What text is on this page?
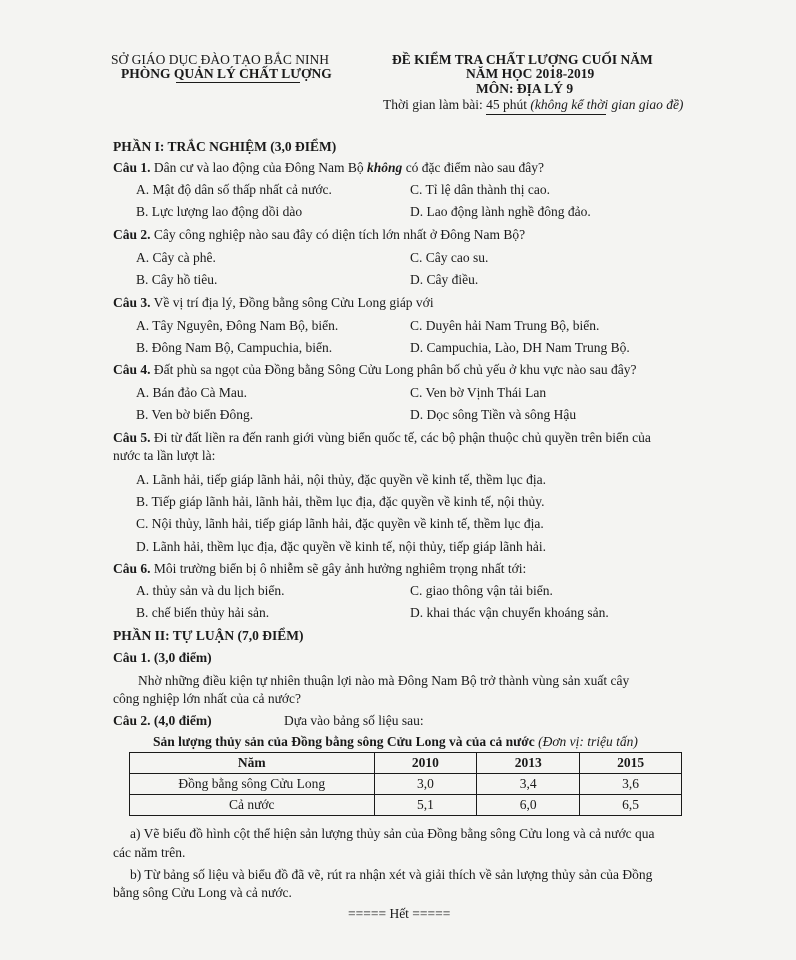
SỞ GIÁO DỤC ĐÀO TẠO BẮC NINH
PHÒNG QUẢN LÝ CHẤT LƯỢNG
ĐỀ KIỂM TRA CHẤT LƯỢNG CUỐI NĂM
NĂM HỌC 2018-2019
MÔN: ĐỊA LÝ 9
Thời gian làm bài: 45 phút (không kể thời gian giao đề)
PHẦN I: TRẮC NGHIỆM (3,0 ĐIỂM)
Câu 1. Dân cư và lao động của Đông Nam Bộ không có đặc điểm nào sau đây?
A. Mật độ dân số thấp nhất cả nước.	C. Tỉ lệ dân thành thị cao.
B. Lực lượng lao động dồi dào	D. Lao động lành nghề đông đảo.
Câu 2. Cây công nghiệp nào sau đây có diện tích lớn nhất ở Đông Nam Bộ?
A. Cây cà phê.	C. Cây cao su.
B. Cây hồ tiêu.	D. Cây điều.
Câu 3. Về vị trí địa lý, Đồng bằng sông Cửu Long giáp với
A. Tây Nguyên, Đông Nam Bộ, biển.	C. Duyên hải Nam Trung Bộ, biển.
B. Đông Nam Bộ, Campuchia, biển.	D. Campuchia, Lào, DH Nam Trung Bộ.
Câu 4. Đất phù sa ngọt của Đồng bằng Sông Cửu Long phân bố chủ yếu ở khu vực nào sau đây?
A. Bán đảo Cà Mau.	C. Ven bờ Vịnh Thái Lan
B. Ven bờ biển Đông.	D. Dọc sông Tiền và sông Hậu
Câu 5. Đi từ đất liền ra đến ranh giới vùng biển quốc tế, các bộ phận thuộc chủ quyền trên biển của
nước ta lần lượt là:
A. Lãnh hải, tiếp giáp lãnh hải, nội thủy, đặc quyền về kinh tế, thềm lục địa.
B. Tiếp giáp lãnh hải, lãnh hải, thềm lục địa, đặc quyền về kinh tế, nội thủy.
C. Nội thủy, lãnh hải, tiếp giáp lãnh hải, đặc quyền về kinh tế, thềm lục địa.
D. Lãnh hải, thềm lục địa, đặc quyền về kinh tế, nội thủy, tiếp giáp lãnh hải.
Câu 6. Môi trường biển bị ô nhiễm sẽ gây ảnh hưởng nghiêm trọng nhất tới:
A. thủy sản và du lịch biển.	C. giao thông vận tải biển.
B. chế biến thủy hải sản.	D. khai thác vận chuyển khoáng sản.
PHẦN II: TỰ LUẬN (7,0 ĐIỂM)
Câu 1. (3,0 điểm)
Nhờ những điều kiện tự nhiên thuận lợi nào mà Đông Nam Bộ trở thành vùng sản xuất cây
công nghiệp lớn nhất của cả nước?
Câu 2. (4,0 điểm)	Dựa vào bảng số liệu sau:
Sản lượng thủy sản của Đồng bằng sông Cửu Long và của cả nước (Đơn vị: triệu tấn)
Năm	2010	2013	2015
Đồng bằng sông Cửu Long	3,0	3,4	3,6
Cả nước	5,1	6,0	6,5
a) Vẽ biểu đồ hình cột thể hiện sản lượng thủy sản của Đồng bằng sông Cửu long và cả nước qua
các năm trên.
b) Từ bảng số liệu và biểu đồ đã vẽ, rút ra nhận xét và giải thích về sản lượng thủy sản của Đồng
bằng sông Cửu Long và cả nước.
===== Hết =====
